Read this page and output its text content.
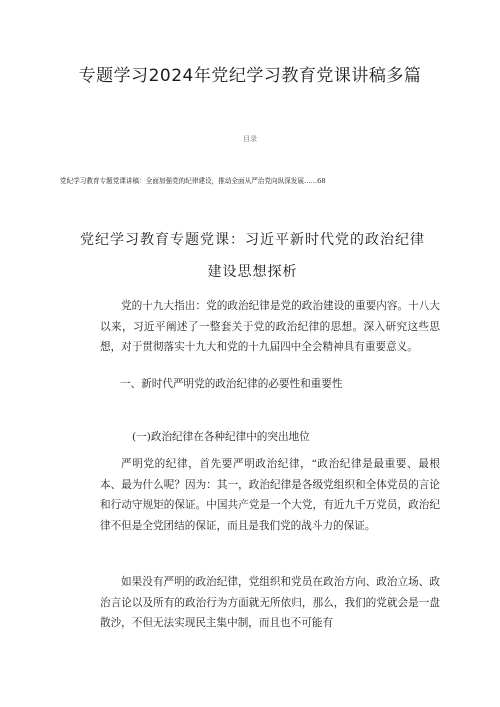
专题学习2024年党纪学习教育党课讲稿多篇
目录
党纪学习教育专题党课讲稿：全面加强党的纪律建设，推动全面从严治党向纵深发展……68
党纪学习教育专题党课：习近平新时代党的政治纪律建设思想探析

党的十九大指出：党的政治纪律是党的政治建设的重要内容。十八大以来，习近平阐述了一整套关于党的政治纪律的思想。深入研究这些思想，对于贯彻落实十九大和党的十九届四中全会精神具有重要意义。

一、新时代严明党的政治纪律的必要性和重要性
(一)政治纪律在各种纪律中的突出地位

严明党的纪律，首先要严明政治纪律，“政治纪律是最重要、最根本、最为什么呢？因为：其一，政治纪律是各级党组织和全体党员的言论和行动守规矩的保证。中国共产党是一个大党，有近九千万党员，政治纪律不但是全党团结的保证，而且是我们党的战斗力的保证。

如果没有严明的政治纪律，党组织和党员在政治方向、政治立场、政治言论以及所有的政治行为方面就无所依归，那么，我们的党就会是一盘散沙，不但无法实现民主集中制，而且也不可能有
